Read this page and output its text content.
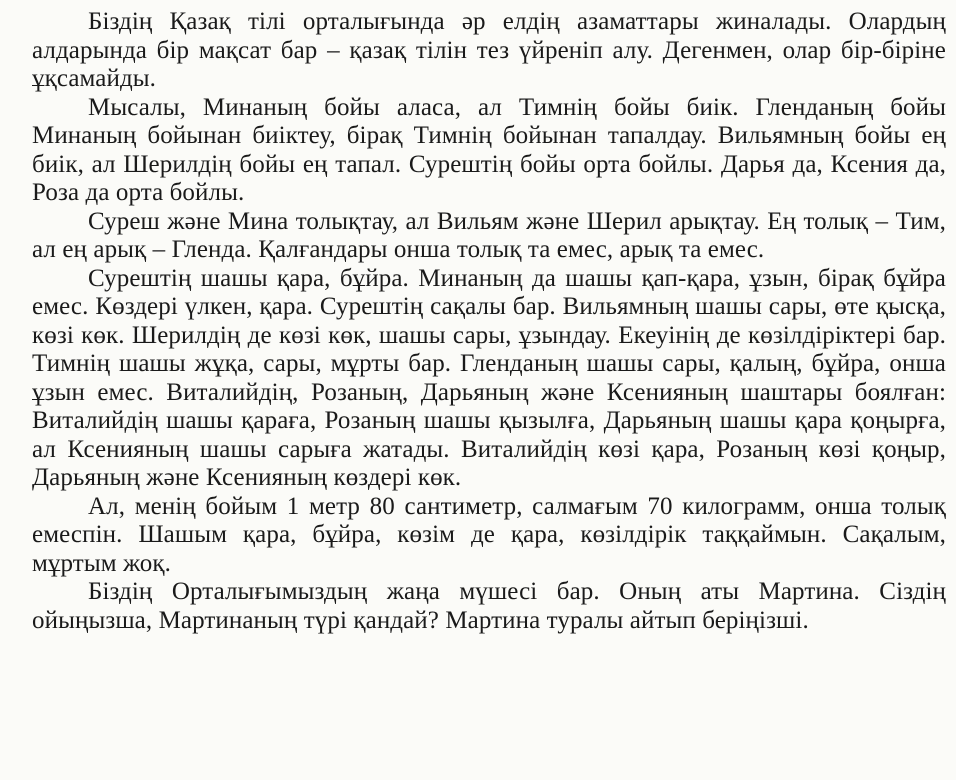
Біздің Қазақ тілі орталығында әр елдің азаматтары жиналады. Олардың алдарында бір мақсат бар – қазақ тілін тез үйреніп алу. Дегенмен, олар бір-біріне ұқсамайды.

Мысалы, Минаның бойы аласа, ал Тимнің бойы биік. Гленданың бойы Минаның бойынан биіктеу, бірақ Тимнің бойынан тапалдау. Вильямның бойы ең биік, ал Шерилдің бойы ең тапал. Сурештің бойы орта бойлы. Дарья да, Ксения да, Роза да орта бойлы.

Суреш және Мина толықтау, ал Вильям және Шерил арықтау. Ең толық – Тим, ал ең арық – Гленда. Қалғандары онша толық та емес, арық та емес.

Сурештің шашы қара, бұйра. Минаның да шашы қап-қара, ұзын, бірақ бұйра емес. Көздері үлкен, қара. Сурештің сақалы бар. Вильямның шашы сары, өте қысқа, көзі көк. Шерилдің де көзі көк, шашы сары, ұзындау. Екеуінің де көзілдіріктері бар. Тимнің шашы жұқа, сары, мұрты бар. Гленданың шашы сары, қалың, бұйра, онша ұзын емес. Виталийдің, Розаның, Дарьяның және Ксенияның шаштары боялған: Виталийдің шашы қараға, Розаның шашы қызылға, Дарьяның шашы қара қоңырға, ал Ксенияның шашы сарыға жатады. Виталийдің көзі қара, Розаның көзі қоңыр, Дарьяның және Ксенияның көздері көк.

Ал, менің бойым 1 метр 80 сантиметр, салмағым 70 килограмм, онша толық емеспін. Шашым қара, бұйра, көзім де қара, көзілдірік таққаймын. Сақалым, мұртым жоқ.

Біздің Орталығымыздың жаңа мүшесі бар. Оның аты Мартина. Сіздің ойыңызша, Мартинаның түрі қандай? Мартина туралы айтып беріңізші.
